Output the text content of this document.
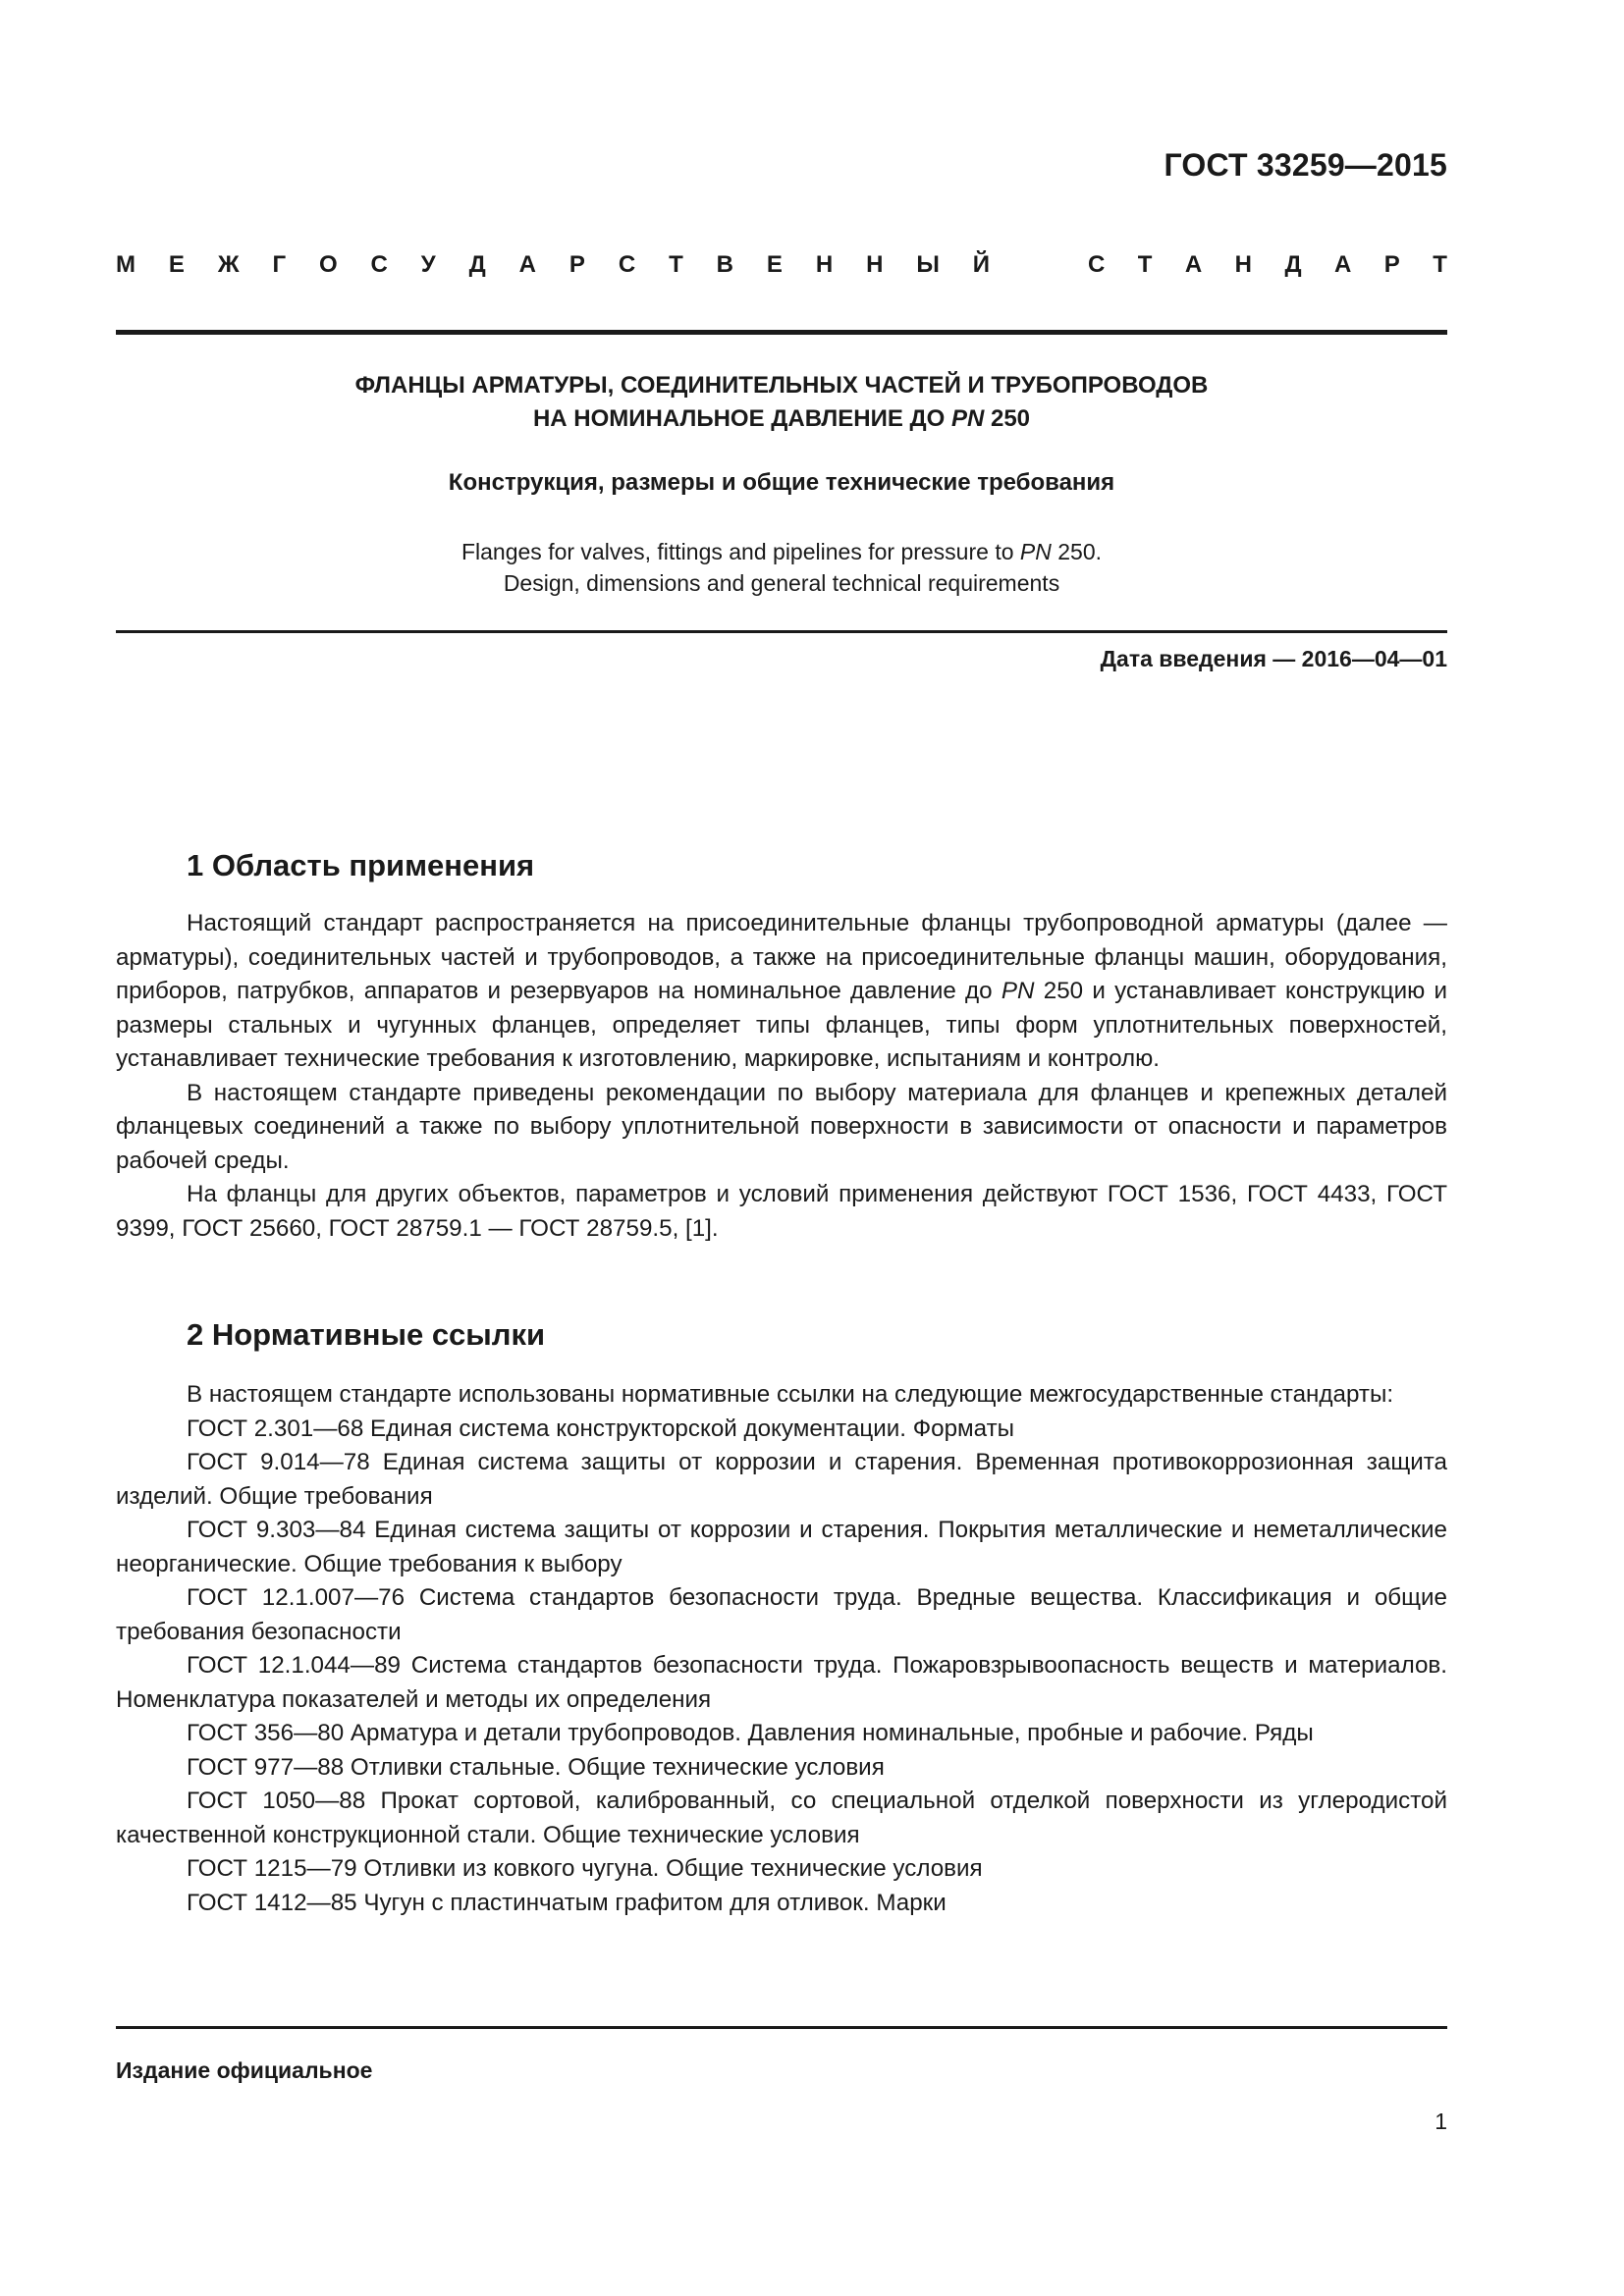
ГОСТ 33259—2015
М Е Ж Г О С У Д А Р С Т В Е Н Н Ы Й	С Т А Н Д А Р Т
ФЛАНЦЫ АРМАТУРЫ, СОЕДИНИТЕЛЬНЫХ ЧАСТЕЙ И ТРУБОПРОВОДОВ
НА НОМИНАЛЬНОЕ ДАВЛЕНИЕ ДО PN 250
Конструкция, размеры и общие технические требования
Flanges for valves, fittings and pipelines for pressure to PN 250.
Design, dimensions and general technical requirements
Дата введения — 2016—04—01
1 Область применения

Настоящий стандарт распространяется на присоединительные фланцы трубопроводной арматуры (далее — арматуры), соединительных частей и трубопроводов, а также на присоединительные фланцы машин, оборудования, приборов, патрубков, аппаратов и резервуаров на номинальное давление до PN 250 и устанавливает конструкцию и размеры стальных и чугунных фланцев, определяет типы фланцев, типы форм уплотнительных поверхностей, устанавливает технические требования к изготовлению, маркировке, испытаниям и контролю.

В настоящем стандарте приведены рекомендации по выбору материала для фланцев и крепежных деталей фланцевых соединений а также по выбору уплотнительной поверхности в зависимости от опасности и параметров рабочей среды.

На фланцы для других объектов, параметров и условий применения действуют ГОСТ 1536, ГОСТ 4433, ГОСТ 9399, ГОСТ 25660, ГОСТ 28759.1 — ГОСТ 28759.5, [1].

2 Нормативные ссылки

В настоящем стандарте использованы нормативные ссылки на следующие межгосударственные стандарты:

ГОСТ 2.301—68 Единая система конструкторской документации. Форматы

ГОСТ 9.014—78 Единая система защиты от коррозии и старения. Временная противокоррозионная защита изделий. Общие требования

ГОСТ 9.303—84 Единая система защиты от коррозии и старения. Покрытия металлические и неметаллические неорганические. Общие требования к выбору

ГОСТ 12.1.007—76 Система стандартов безопасности труда. Вредные вещества. Классификация и общие требования безопасности

ГОСТ 12.1.044—89 Система стандартов безопасности труда. Пожаровзрывоопасность веществ и материалов. Номенклатура показателей и методы их определения

ГОСТ 356—80 Арматура и детали трубопроводов. Давления номинальные, пробные и рабочие. Ряды

ГОСТ 977—88 Отливки стальные. Общие технические условия

ГОСТ 1050—88 Прокат сортовой, калиброванный, со специальной отделкой поверхности из углеродистой качественной конструкционной стали. Общие технические условия

ГОСТ 1215—79 Отливки из ковкого чугуна. Общие технические условия

ГОСТ 1412—85 Чугун с пластинчатым графитом для отливок. Марки

Издание официальное
1
